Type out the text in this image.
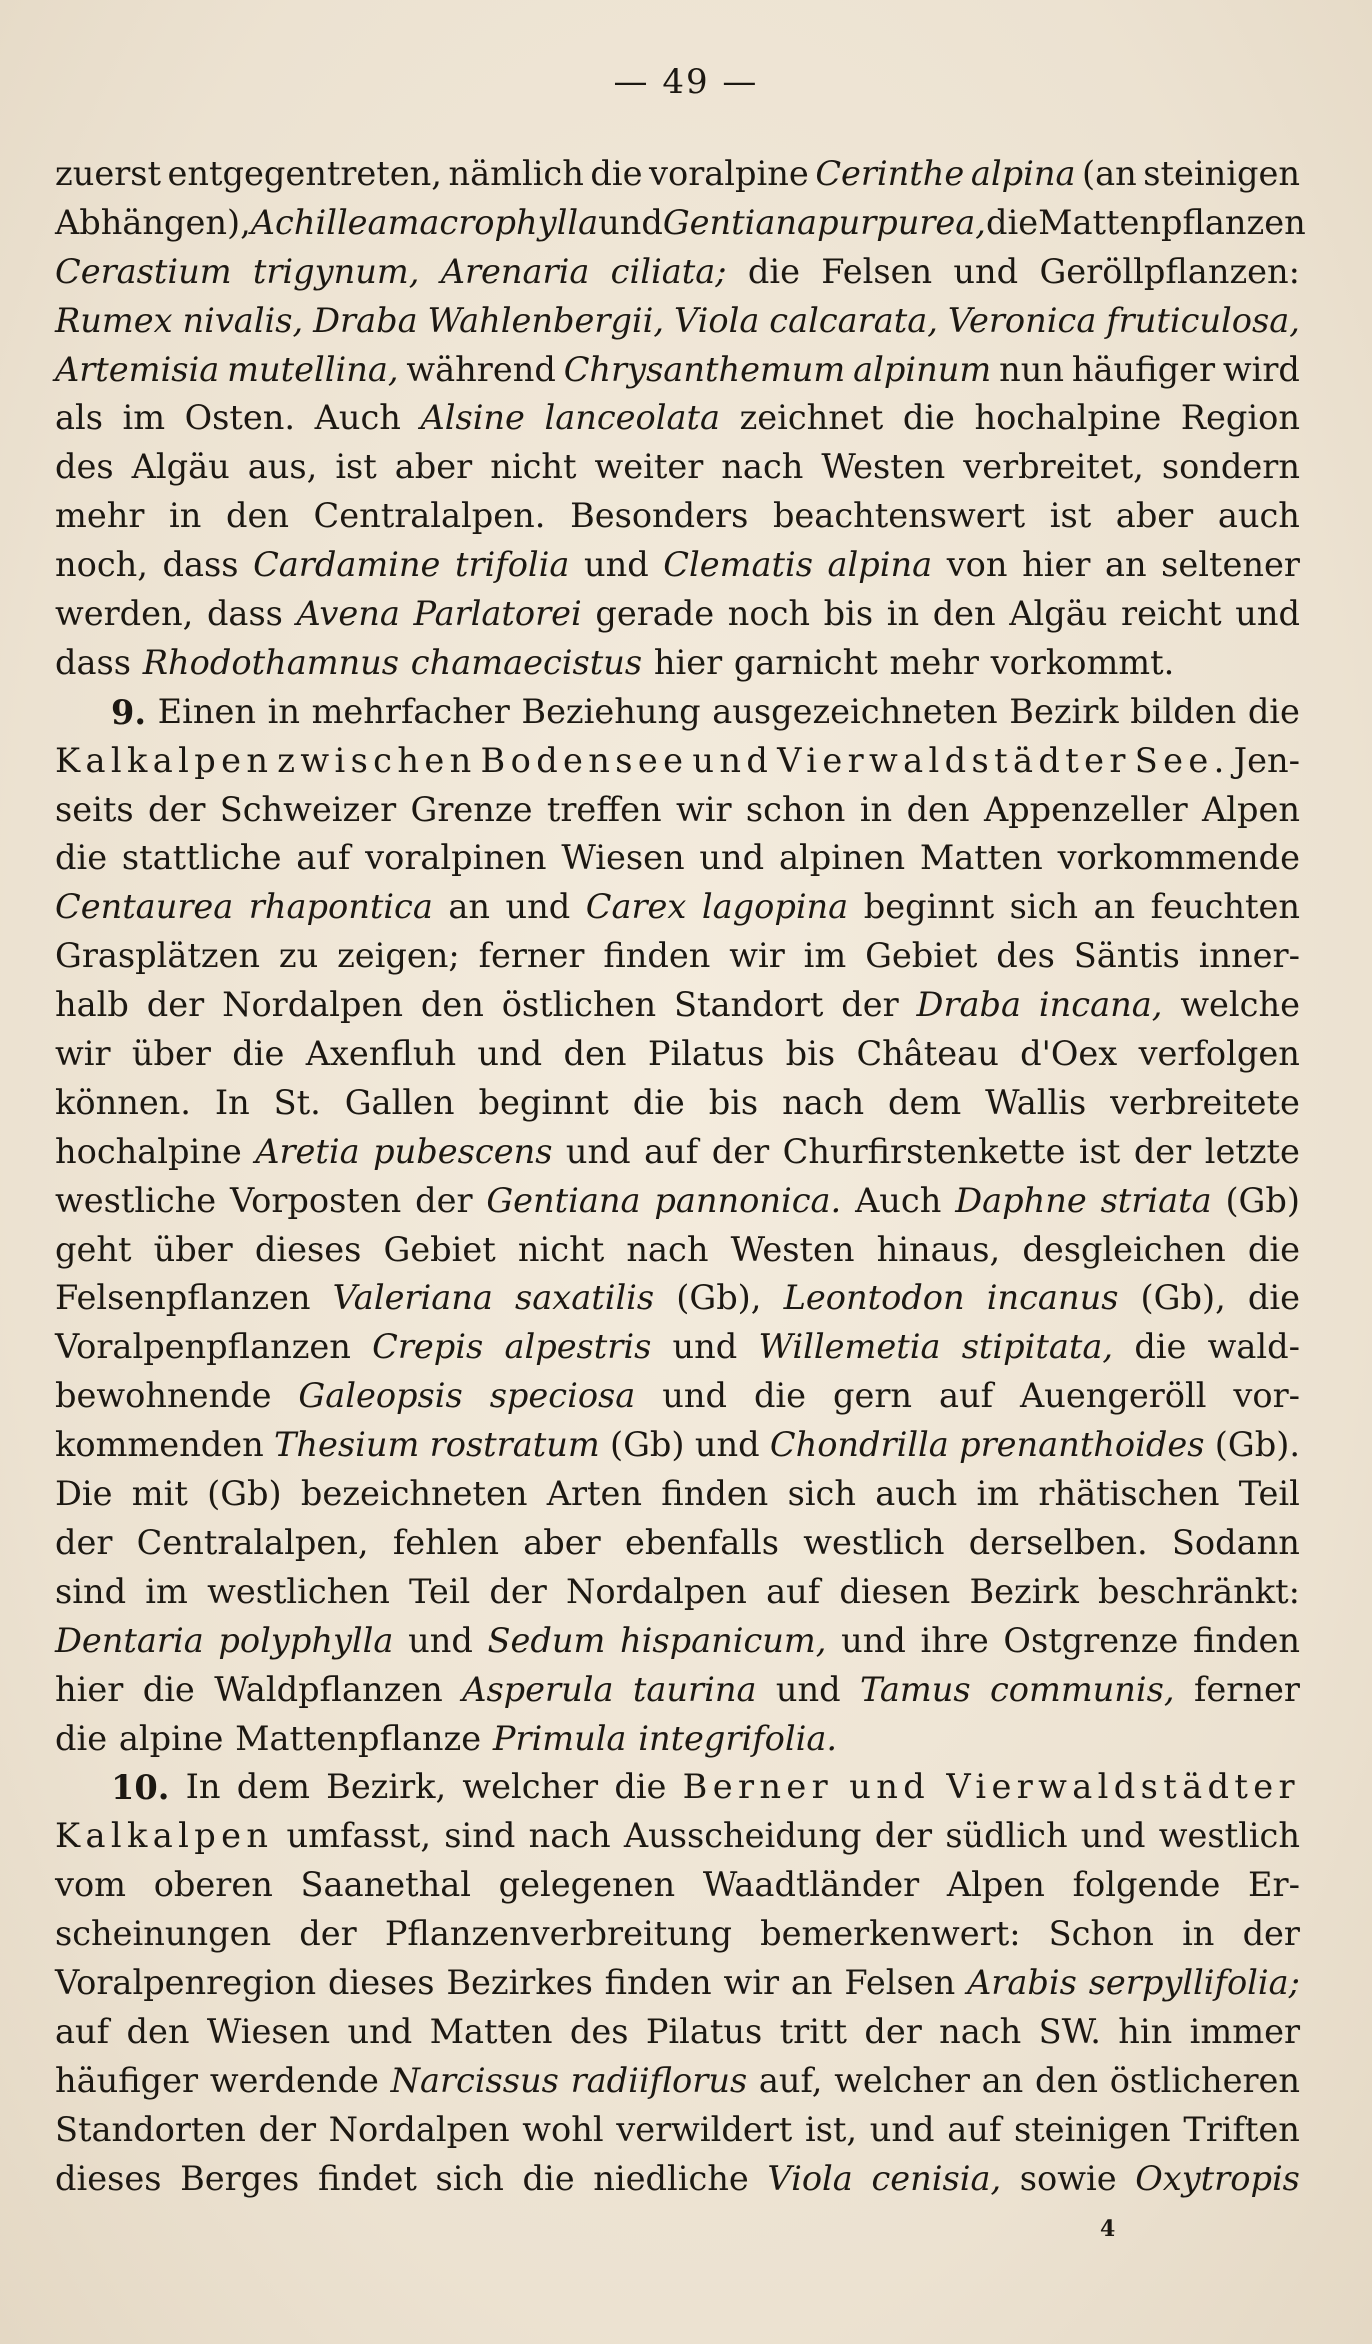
— 49 —
zuerst entgegentreten, nämlich die voralpine Cerinthe alpina (an steinigen
Abhängen), Achillea macrophylla und Gentiana purpurea, die Mattenpflanzen
Cerastium trigynum, Arenaria ciliata; die Felsen und Geröllpflanzen:
Rumex nivalis, Draba Wahlenbergii, Viola calcarata, Veronica fruticulosa,
Artemisia mutellina, während Chrysanthemum alpinum nun häufiger wird
als im Osten. Auch Alsine lanceolata zeichnet die hochalpine Region
des Algäu aus, ist aber nicht weiter nach Westen verbreitet, sondern
mehr in den Centralalpen. Besonders beachtenswert ist aber auch
noch, dass Cardamine trifolia und Clematis alpina von hier an seltener
werden, dass Avena Parlatorei gerade noch bis in den Algäu reicht und
dass Rhodothamnus chamaecistus hier garnicht mehr vorkommt.
9. Einen in mehrfacher Beziehung ausgezeichneten Bezirk bilden die
Kalkalpen zwischen Bodensee und Vierwaldstädter See. Jen-
seits der Schweizer Grenze treffen wir schon in den Appenzeller Alpen
die stattliche auf voralpinen Wiesen und alpinen Matten vorkommende
Centaurea rhapontica an und Carex lagopina beginnt sich an feuchten
Grasplätzen zu zeigen; ferner finden wir im Gebiet des Säntis inner-
halb der Nordalpen den östlichen Standort der Draba incana, welche
wir über die Axenfluh und den Pilatus bis Château d'Oex verfolgen
können. In St. Gallen beginnt die bis nach dem Wallis verbreitete
hochalpine Aretia pubescens und auf der Churfirstenkette ist der letzte
westliche Vorposten der Gentiana pannonica. Auch Daphne striata (Gb)
geht über dieses Gebiet nicht nach Westen hinaus, desgleichen die
Felsenpflanzen Valeriana saxatilis (Gb), Leontodon incanus (Gb), die
Voralpenpflanzen Crepis alpestris und Willemetia stipitata, die wald-
bewohnende Galeopsis speciosa und die gern auf Auengeröll vor-
kommenden Thesium rostratum (Gb) und Chondrilla prenanthoides (Gb).
Die mit (Gb) bezeichneten Arten finden sich auch im rhätischen Teil
der Centralalpen, fehlen aber ebenfalls westlich derselben. Sodann
sind im westlichen Teil der Nordalpen auf diesen Bezirk beschränkt:
Dentaria polyphylla und Sedum hispanicum, und ihre Ostgrenze finden
hier die Waldpflanzen Asperula taurina und Tamus communis, ferner
die alpine Mattenpflanze Primula integrifolia.
10. In dem Bezirk, welcher die Berner und Vierwaldstädter
Kalkalpen umfasst, sind nach Ausscheidung der südlich und westlich
vom oberen Saanethal gelegenen Waadtländer Alpen folgende Er-
scheinungen der Pflanzenverbreitung bemerkenwert: Schon in der
Voralpenregion dieses Bezirkes finden wir an Felsen Arabis serpyllifolia;
auf den Wiesen und Matten des Pilatus tritt der nach SW. hin immer
häufiger werdende Narcissus radiiflorus auf, welcher an den östlicheren
Standorten der Nordalpen wohl verwildert ist, und auf steinigen Triften
dieses Berges findet sich die niedliche Viola cenisia, sowie Oxytropis
4
